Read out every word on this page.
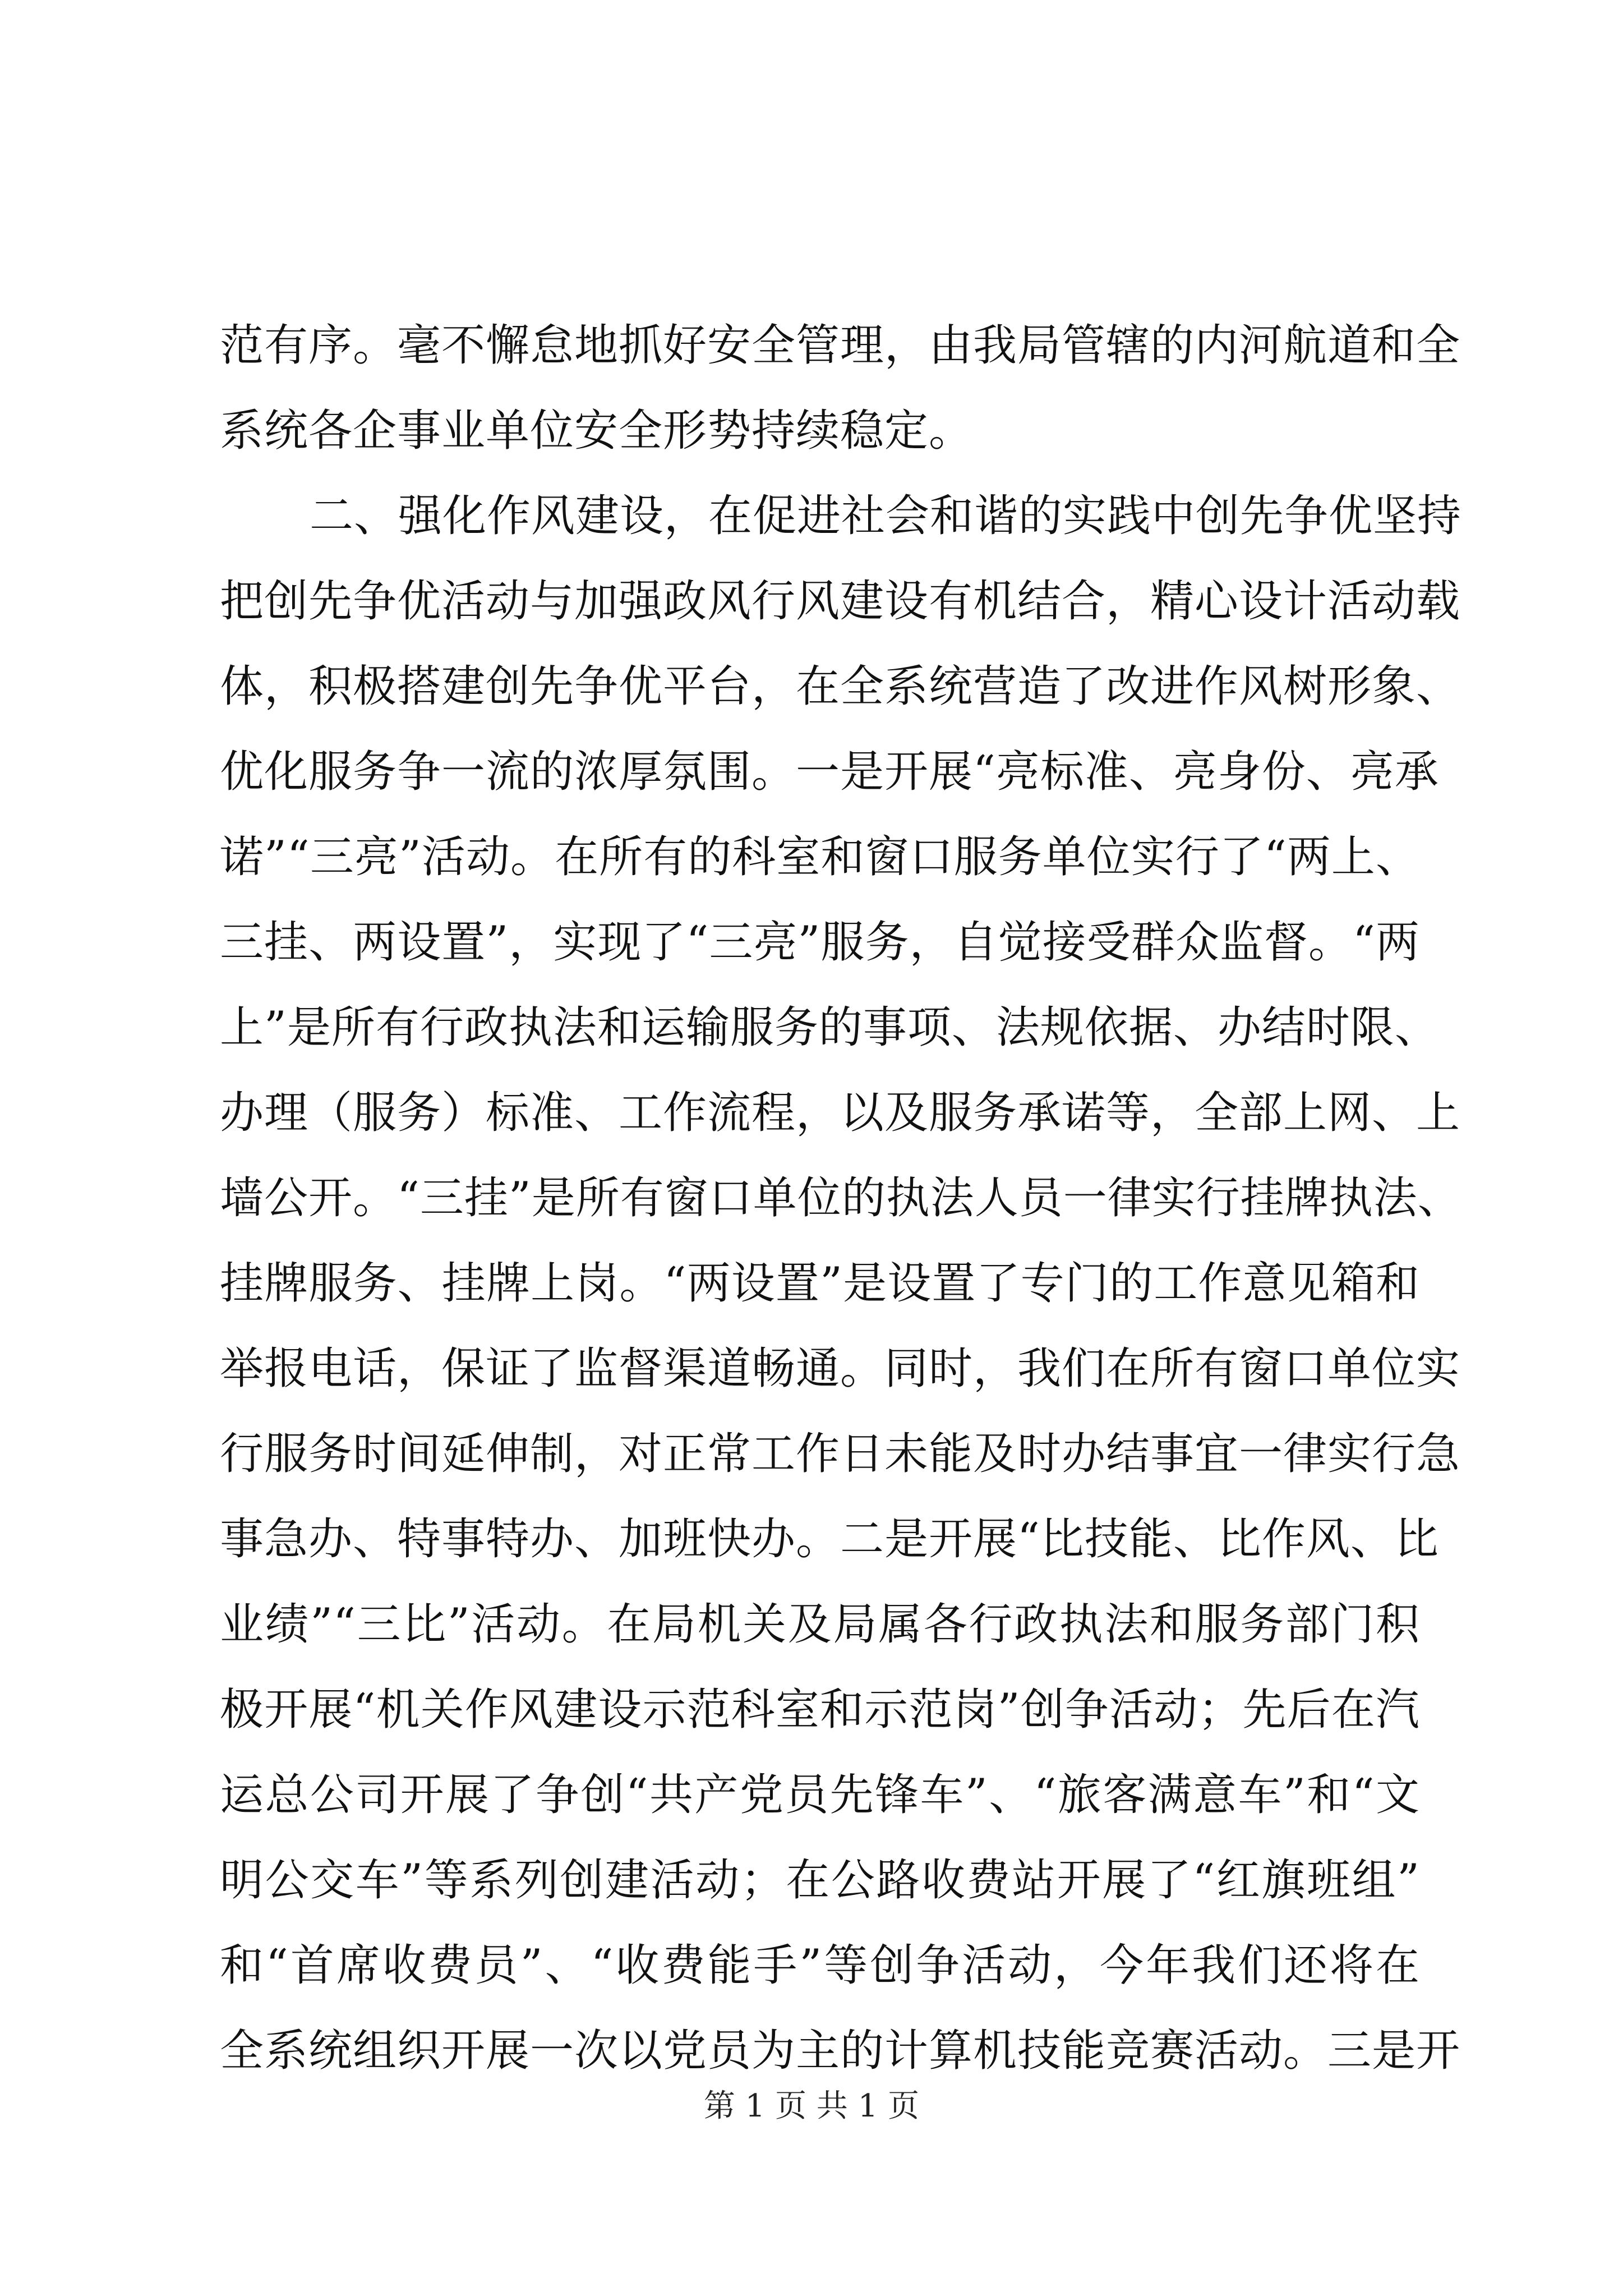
范有序。毫不懈怠地抓好安全管理，由我局管辖的内河航道和全
系统各企事业单位安全形势持续稳定。
二、强化作风建设，在促进社会和谐的实践中创先争优坚持
把创先争优活动与加强政风行风建设有机结合，精心设计活动载
体，积极搭建创先争优平台，在全系统营造了改进作风树形象、
优化服务争一流的浓厚氛围。一是开展“亮标准、亮身份、亮承
诺”“三亮”活动。在所有的科室和窗口服务单位实行了“两上、
三挂、两设置”，实现了“三亮”服务，自觉接受群众监督。“两
上”是所有行政执法和运输服务的事项、法规依据、办结时限、
办理（服务）标准、工作流程，以及服务承诺等，全部上网、上
墙公开。“三挂”是所有窗口单位的执法人员一律实行挂牌执法、
挂牌服务、挂牌上岗。“两设置”是设置了专门的工作意见箱和
举报电话，保证了监督渠道畅通。同时，我们在所有窗口单位实
行服务时间延伸制，对正常工作日未能及时办结事宜一律实行急
事急办、特事特办、加班快办。二是开展“比技能、比作风、比
业绩”“三比”活动。在局机关及局属各行政执法和服务部门积
极开展“机关作风建设示范科室和示范岗”创争活动；先后在汽
运总公司开展了争创“共产党员先锋车”、“旅客满意车”和“文
明公交车”等系列创建活动；在公路收费站开展了“红旗班组”
和“首席收费员”、“收费能手”等创争活动，今年我们还将在
全系统组织开展一次以党员为主的计算机技能竞赛活动。三是开
第 1 页 共 1 页
